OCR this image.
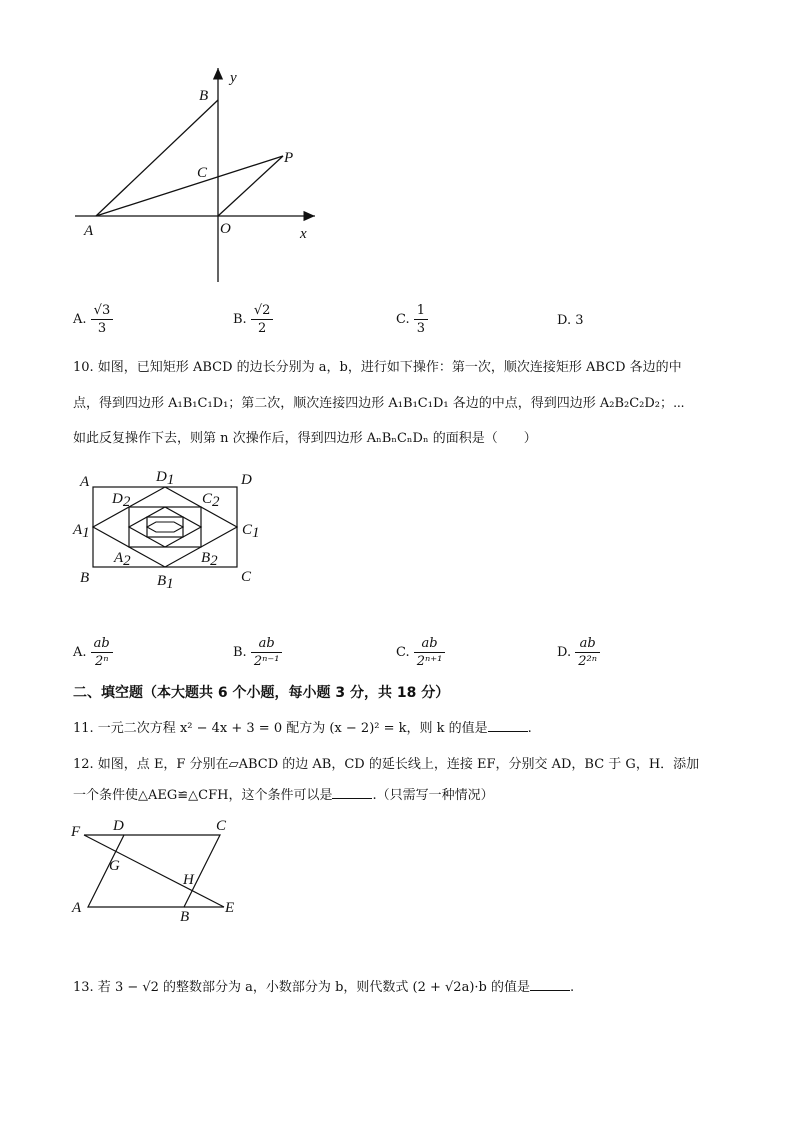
y
B
C
P
A	O	x
A. $\frac{√3}{3}$	B. $\frac{√2}{2}$	C. $\frac{1}{3}$	D. 3
10. 如图，已知矩形 ABCD 的边长分别为 a，b，进行如下操作：第一次，顺次连接矩形 ABCD 各边的中
点，得到四边形 A₁B₁C₁D₁；第二次，顺次连接四边形 A₁B₁C₁D₁ 各边的中点，得到四边形 A₂B₂C₂D₂；⋯
如此反复操作下去，则第 n 次操作后，得到四边形 AₙBₙCₙDₙ 的面积是（　　）
A	D1	D
D2	C2
A1	C1
A2	B2
B	B1	C
A. $\frac{ab}{\text{2ⁿ}}$	B. $\frac{ab}{\text{2ⁿ⁻¹}}$	C. $\frac{ab}{\text{2ⁿ⁺¹}}$	D. $\frac{ab}{\text{2²ⁿ}}$
二、填空题（本大题共 6 个小题，每小题 3 分，共 18 分）
11. 一元二次方程 x² − 4x + 3 = 0 配方为 (x − 2)² = k，则 k 的值是	.
12. 如图，点 E，F 分别在▱ABCD 的边 AB，CD 的延长线上，连接 EF，分别交 AD，BC 于 G，H．添加
一个条件使△AEG≌△CFH，这个条件可以是	.（只需写一种情况）
F D	C
G
H
A
B
E
13. 若 3 − √2 的整数部分为 a，小数部分为 b，则代数式 (2 + √2a)·b 的值是	.
